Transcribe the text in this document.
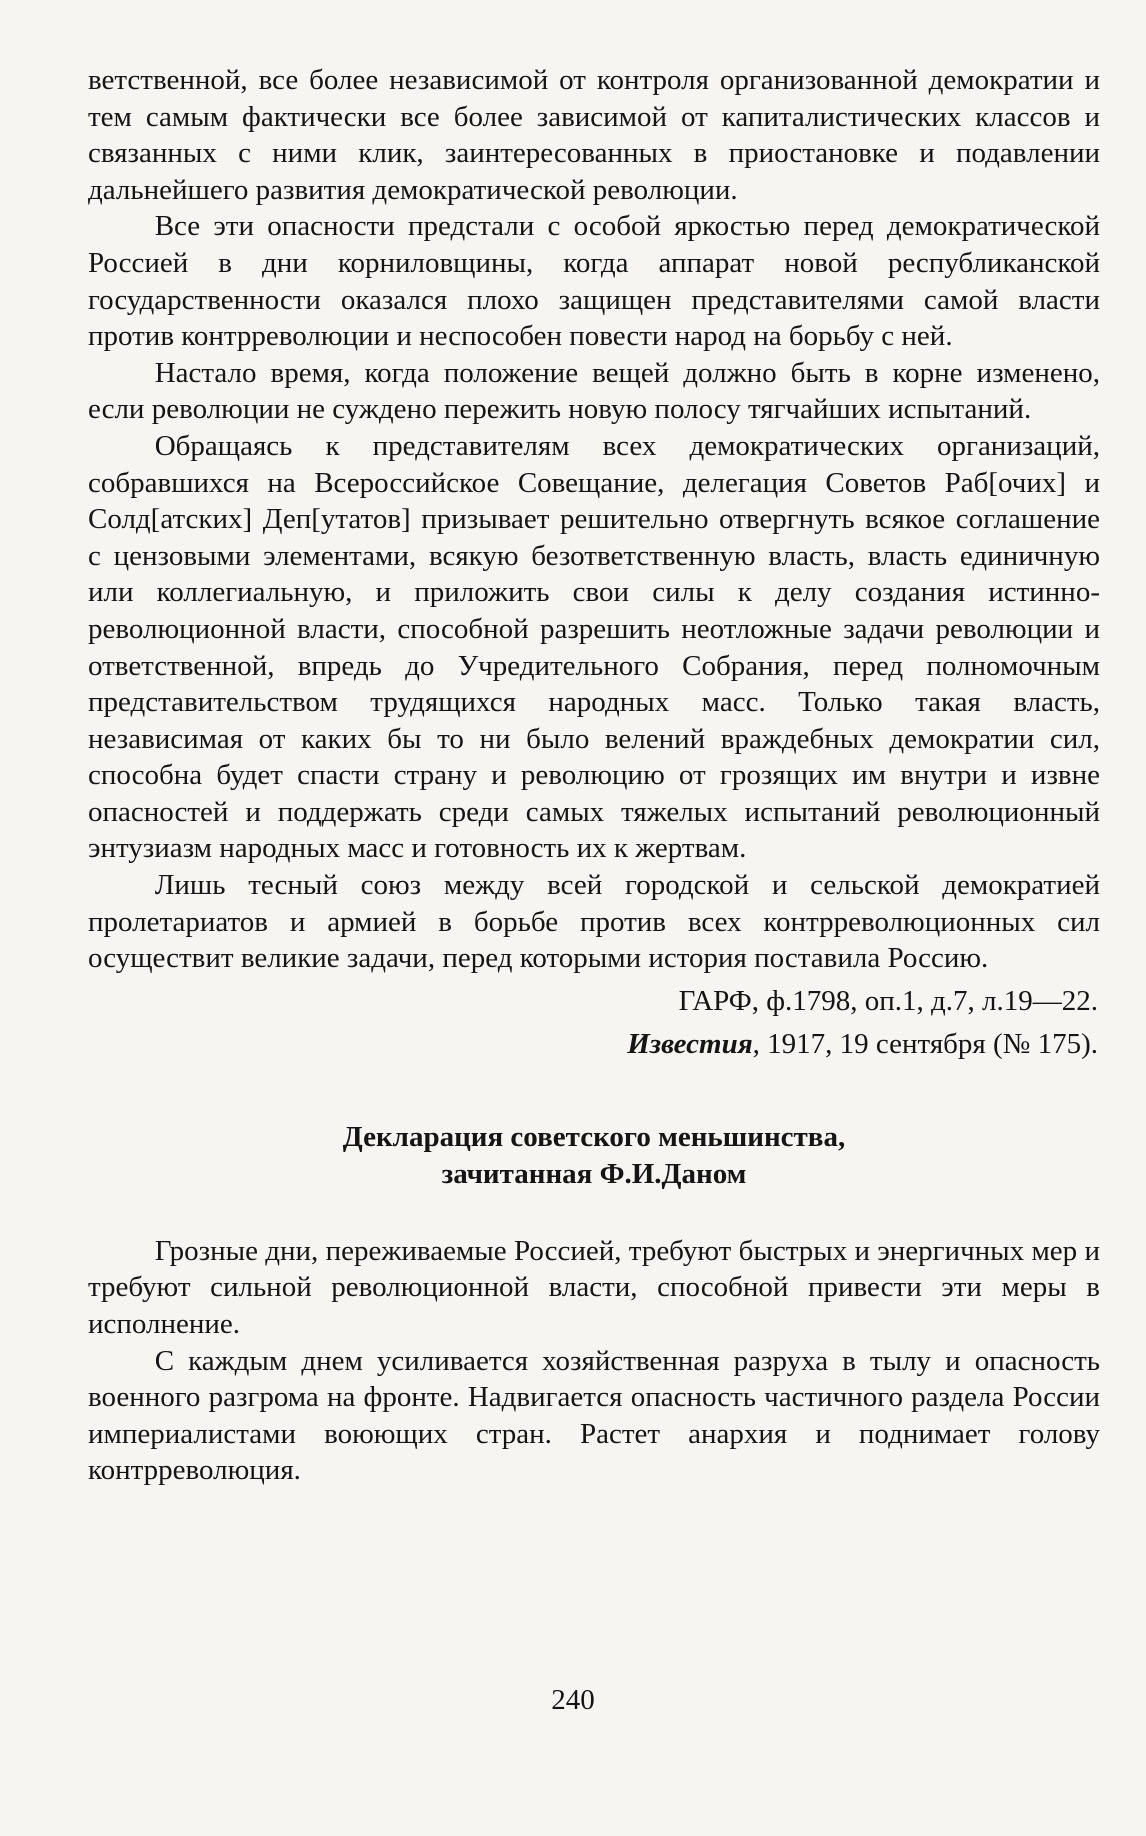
ветственной, все более независимой от контроля организованной демократии и тем самым фактически все более зависимой от капиталистических классов и связанных с ними клик, заинтересованных в приостановке и подавлении дальнейшего развития демократической революции.

Все эти опасности предстали с особой яркостью перед демократической Россией в дни корниловщины, когда аппарат новой республиканской государственности оказался плохо защищен представителями самой власти против контрреволюции и неспособен повести народ на борьбу с ней.

Настало время, когда положение вещей должно быть в корне изменено, если революции не суждено пережить новую полосу тягчайших испытаний.

Обращаясь к представителям всех демократических организаций, собравшихся на Всероссийское Совещание, делегация Советов Раб[очих] и Солд[атских] Деп[утатов] призывает решительно отвергнуть всякое соглашение с цензовыми элементами, всякую безответственную власть, власть единичную или коллегиальную, и приложить свои силы к делу создания истинно-революционной власти, способной разрешить неотложные задачи революции и ответственной, впредь до Учредительного Собрания, перед полномочным представительством трудящихся народных масс. Только такая власть, независимая от каких бы то ни было велений враждебных демократии сил, способна будет спасти страну и революцию от грозящих им внутри и извне опасностей и поддержать среди самых тяжелых испытаний революционный энтузиазм народных масс и готовность их к жертвам.

Лишь тесный союз между всей городской и сельской демократией пролетариатов и армией в борьбе против всех контрреволюционных сил осуществит великие задачи, перед которыми история поставила Россию.

ГАРФ, ф.1798, оп.1, д.7, л.19—22.
Известия, 1917, 19 сентября (№ 175).
Декларация советского меньшинства,
зачитанная Ф.И.Даном

Грозные дни, переживаемые Россией, требуют быстрых и энергичных мер и требуют сильной революционной власти, способной привести эти меры в исполнение.

С каждым днем усиливается хозяйственная разруха в тылу и опасность военного разгрома на фронте. Надвигается опасность частичного раздела России империалистами воюющих стран. Растет анархия и поднимает голову контрреволюция.

240
